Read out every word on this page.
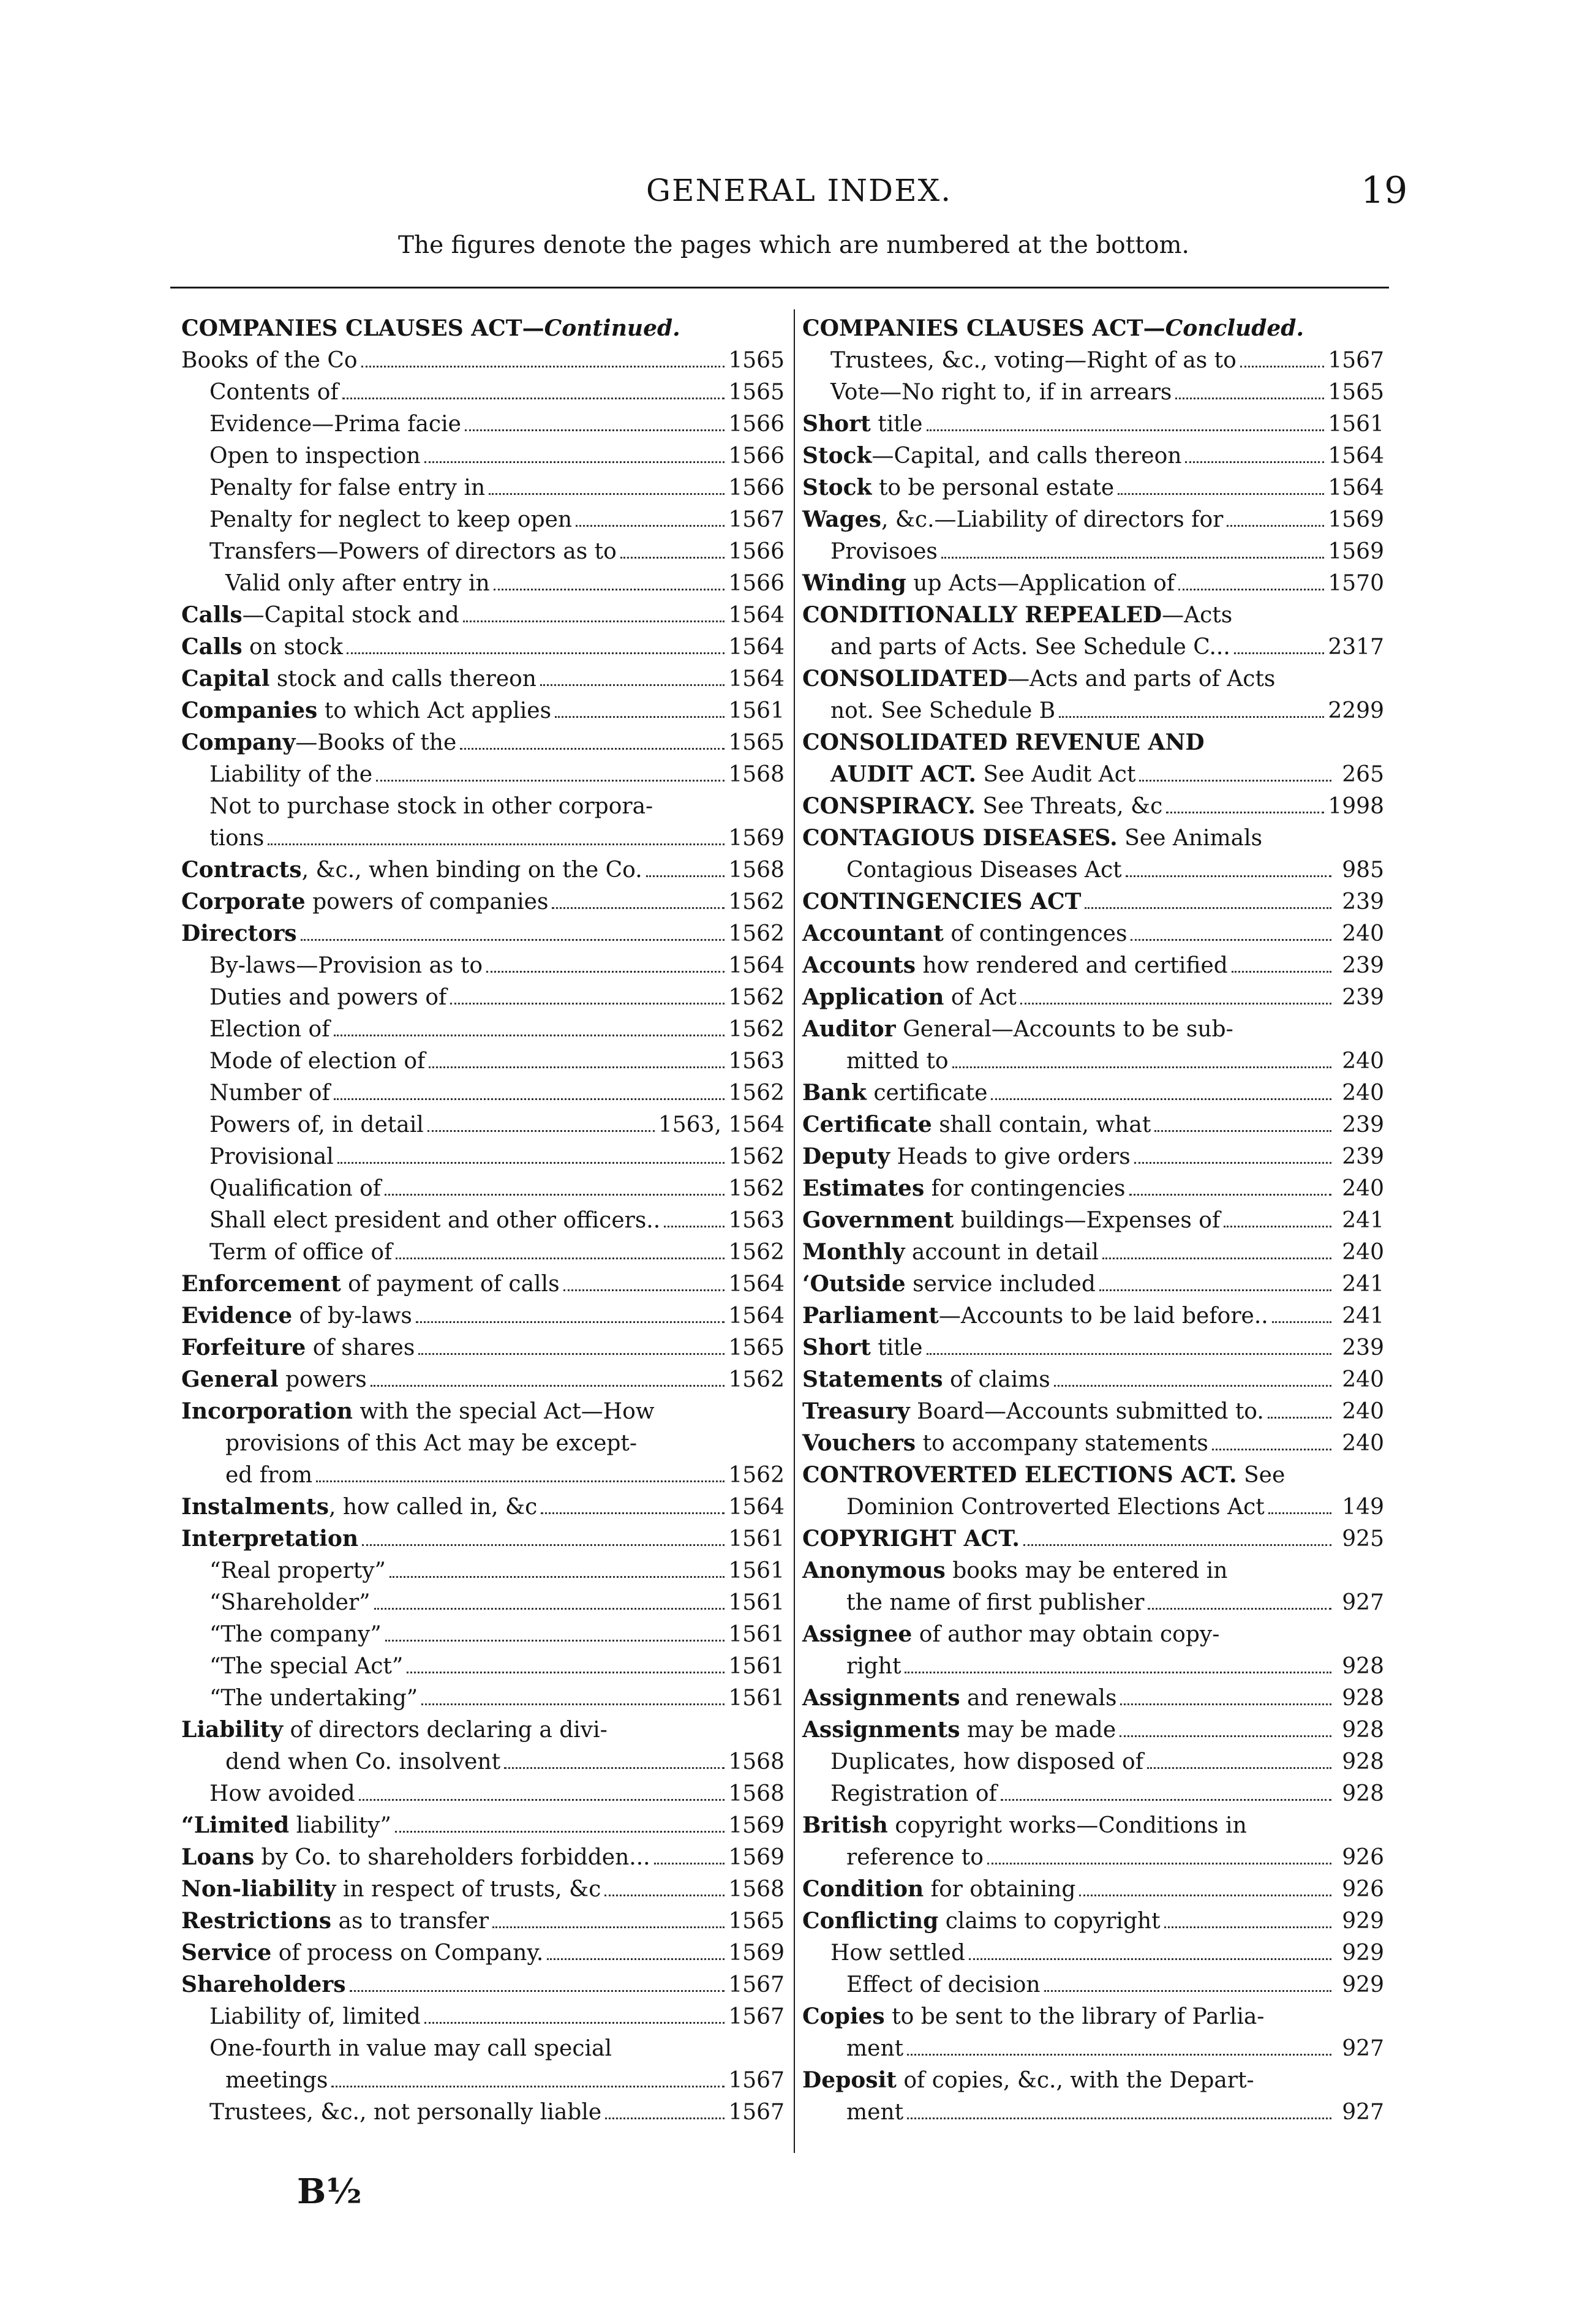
GENERAL INDEX.	19
The figures denote the pages which are numbered at the bottom.
COMPANIES CLAUSES ACT—Continued.
Books of the Co	1565
Contents of	1565
Evidence—Prima facie	1566
Open to inspection	1566
Penalty for false entry in	1566
Penalty for neglect to keep open	1567
Transfers—Powers of directors as to	1566
Valid only after entry in	1566
Calls—Capital stock and	1564
Calls on stock	1564
Capital stock and calls thereon	1564
Companies to which Act applies	1561
Company—Books of the	1565
Liability of the	1568
Not to purchase stock in other corpora-
tions	1569
Contracts, &c., when binding on the Co.	1568
Corporate powers of companies	1562
Directors	1562
By-laws—Provision as to	1564
Duties and powers of	1562
Election of	1562
Mode of election of	1563
Number of	1562
Powers of, in detail	1563, 1564
Provisional	1562
Qualification of	1562
Shall elect president and other officers..	1563
Term of office of	1562
Enforcement of payment of calls	1564
Evidence of by-laws	1564
Forfeiture of shares	1565
General powers	1562
Incorporation with the special Act—How
provisions of this Act may be except-
ed from	1562
Instalments, how called in, &c	1564
Interpretation	1561
“Real property”	1561
“Shareholder”	1561
“The company”	1561
“The special Act”	1561
“The undertaking”	1561
Liability of directors declaring a divi-
dend when Co. insolvent	1568
How avoided	1568
“Limited liability”	1569
Loans by Co. to shareholders forbidden...	1569
Non-liability in respect of trusts, &c	1568
Restrictions as to transfer	1565
Service of process on Company.	1569
Shareholders	1567
Liability of, limited	1567
One-fourth in value may call special
meetings	1567
Trustees, &c., not personally liable	1567
COMPANIES CLAUSES ACT—Concluded.
Trustees, &c., voting—Right of as to	1567
Vote—No right to, if in arrears	1565
Short title	1561
Stock—Capital, and calls thereon	1564
Stock to be personal estate	1564
Wages, &c.—Liability of directors for	1569
Provisoes	1569
Winding up Acts—Application of	1570
CONDITIONALLY REPEALED—Acts
and parts of Acts. See Schedule C...	2317
CONSOLIDATED—Acts and parts of Acts
not. See Schedule B	2299
CONSOLIDATED REVENUE AND
AUDIT ACT. See Audit Act	265
CONSPIRACY. See Threats, &c	1998
CONTAGIOUS DISEASES. See Animals
Contagious Diseases Act	985
CONTINGENCIES ACT	239
Accountant of contingences	240
Accounts how rendered and certified	239
Application of Act	239
Auditor General—Accounts to be sub-
mitted to	240
Bank certificate	240
Certificate shall contain, what	239
Deputy Heads to give orders	239
Estimates for contingencies	240
Government buildings—Expenses of	241
Monthly account in detail	240
‘Outside service included	241
Parliament—Accounts to be laid before..	241
Short title	239
Statements of claims	240
Treasury Board—Accounts submitted to.	240
Vouchers to accompany statements	240
CONTROVERTED ELECTIONS ACT. See
Dominion Controverted Elections Act	149
COPYRIGHT ACT.	925
Anonymous books may be entered in
the name of first publisher	927
Assignee of author may obtain copy-
right	928
Assignments and renewals	928
Assignments may be made	928
Duplicates, how disposed of	928
Registration of	928
British copyright works—Conditions in
reference to	926
Condition for obtaining	926
Conflicting claims to copyright	929
How settled	929
Effect of decision	929
Copies to be sent to the library of Parlia-
ment	927
Deposit of copies, &c., with the Depart-
ment	927
B½
